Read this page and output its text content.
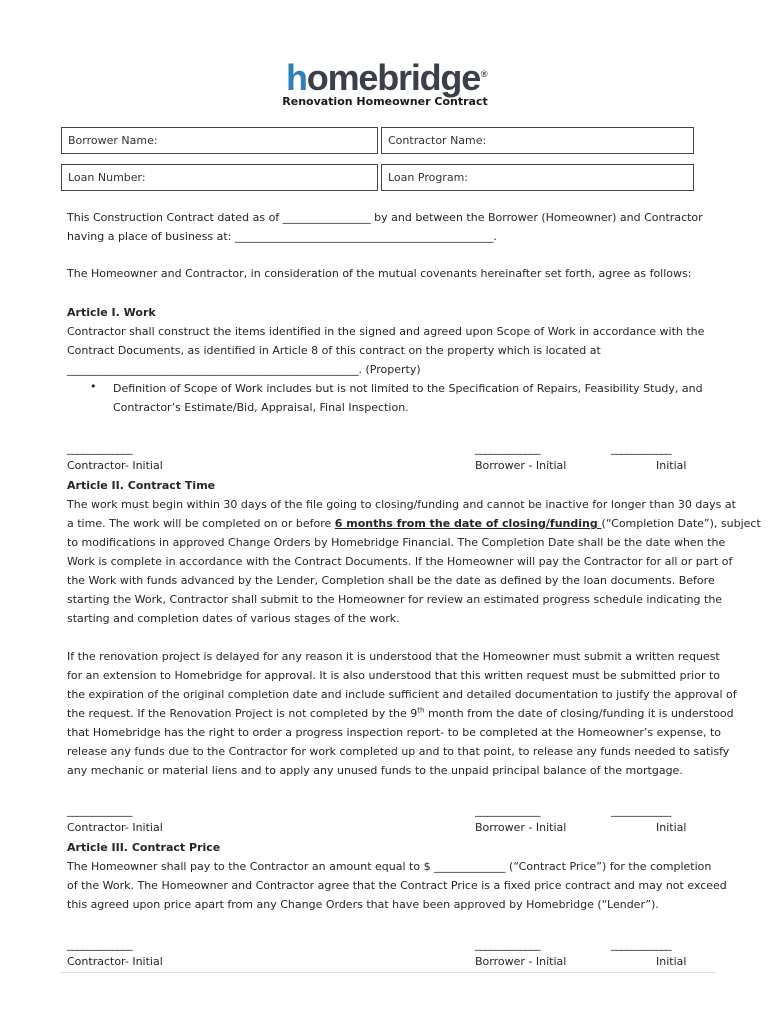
homebridge®
Renovation Homeowner Contract
Borrower Name:	Contractor Name:
Loan Number:	Loan Program:
This Construction Contract dated as of ________________ by and between the Borrower (Homeowner) and Contractor
having a place of business at: _______________________________________________.
The Homeowner and Contractor, in consideration of the mutual covenants hereinafter set forth, agree as follows:
Article I. Work
Contractor shall construct the items identified in the signed and agreed upon Scope of Work in accordance with the
Contract Documents, as identified in Article 8 of this contract on the property which is located at
_____________________________________________________. (Property)
• Definition of Scope of Work includes but is not limited to the Specification of Repairs, Feasibility Study, and
Contractor’s Estimate/Bid, Appraisal, Final Inspection.
_____________	_____________	____________
Contractor- Initial	Borrower - Initial	Initial
Article II. Contract Time
The work must begin within 30 days of the file going to closing/funding and cannot be inactive for longer than 30 days at
a time. The work will be completed on or before 6 months from the date of closing/funding (“Completion Date”), subject
to modifications in approved Change Orders by Homebridge Financial. The Completion Date shall be the date when the
Work is complete in accordance with the Contract Documents. If the Homeowner will pay the Contractor for all or part of
the Work with funds advanced by the Lender, Completion shall be the date as defined by the loan documents. Before
starting the Work, Contractor shall submit to the Homeowner for review an estimated progress schedule indicating the
starting and completion dates of various stages of the work.
If the renovation project is delayed for any reason it is understood that the Homeowner must submit a written request
for an extension to Homebridge for approval. It is also understood that this written request must be submitted prior to
the expiration of the original completion date and include sufficient and detailed documentation to justify the approval of
the request. If the Renovation Project is not completed by the 9th month from the date of closing/funding it is understood
that Homebridge has the right to order a progress inspection report- to be completed at the Homeowner’s expense, to
release any funds due to the Contractor for work completed up and to that point, to release any funds needed to satisfy
any mechanic or material liens and to apply any unused funds to the unpaid principal balance of the mortgage.
_____________	_____________	____________
Contractor- Initial	Borrower - Initial	Initial
Article III. Contract Price
The Homeowner shall pay to the Contractor an amount equal to $ _____________ (“Contract Price”) for the completion
of the Work. The Homeowner and Contractor agree that the Contract Price is a fixed price contract and may not exceed
this agreed upon price apart from any Change Orders that have been approved by Homebridge (“Lender”).
_____________	_____________	____________
Contractor- Initial	Borrower - Initial	Initial
